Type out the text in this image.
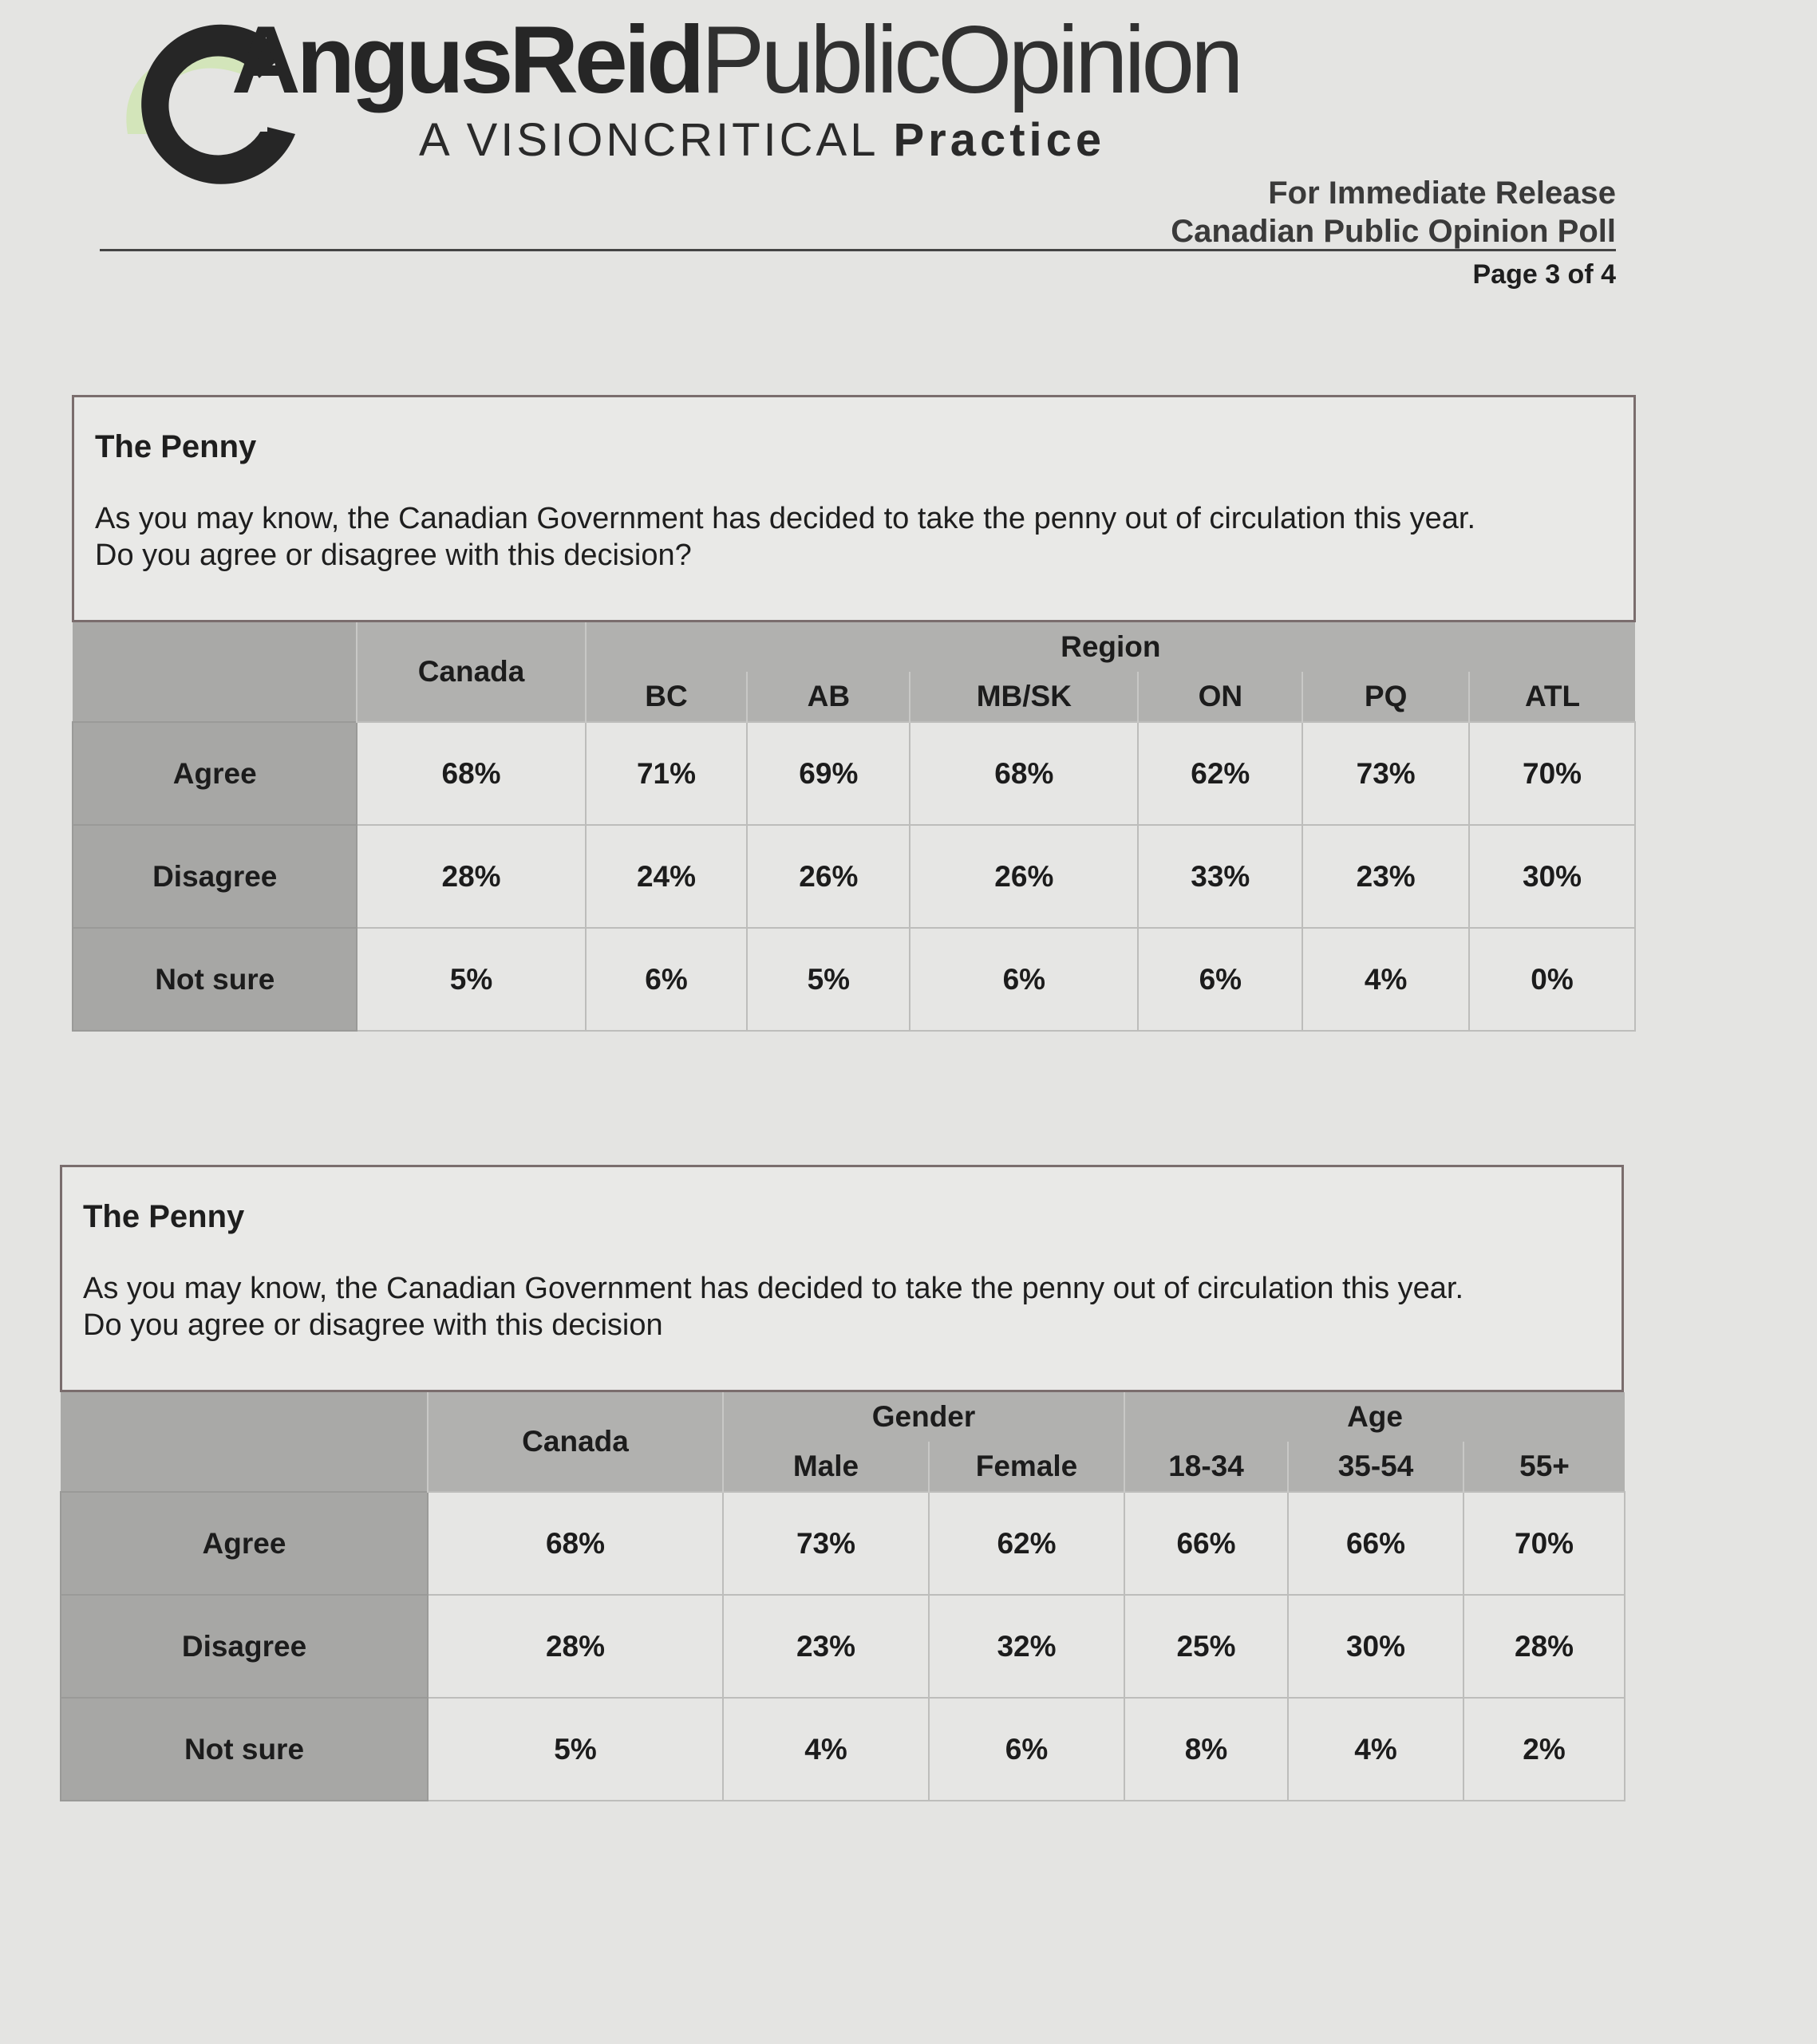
AngusReidPublicOpinion
A VISIONCRITICAL Practice
For Immediate Release
Canadian Public Opinion Poll
Page 3 of 4
The Penny
As you may know, the Canadian Government has decided to take the penny out of circulation this year.
Do you agree or disagree with this decision?
	Canada	Region					
		BC	AB	MB/SK	ON	PQ	ATL
Agree	68%	71%	69%	68%	62%	73%	70%
Disagree	28%	24%	26%	26%	33%	23%	30%
Not sure	5%	6%	5%	6%	6%	4%	0%
The Penny
As you may know, the Canadian Government has decided to take the penny out of circulation this year.
Do you agree or disagree with this decision
	Canada	Gender		Age		
		Male	Female	18-34	35-54	55+
Agree	68%	73%	62%	66%	66%	70%
Disagree	28%	23%	32%	25%	30%	28%
Not sure	5%	4%	6%	8%	4%	2%
